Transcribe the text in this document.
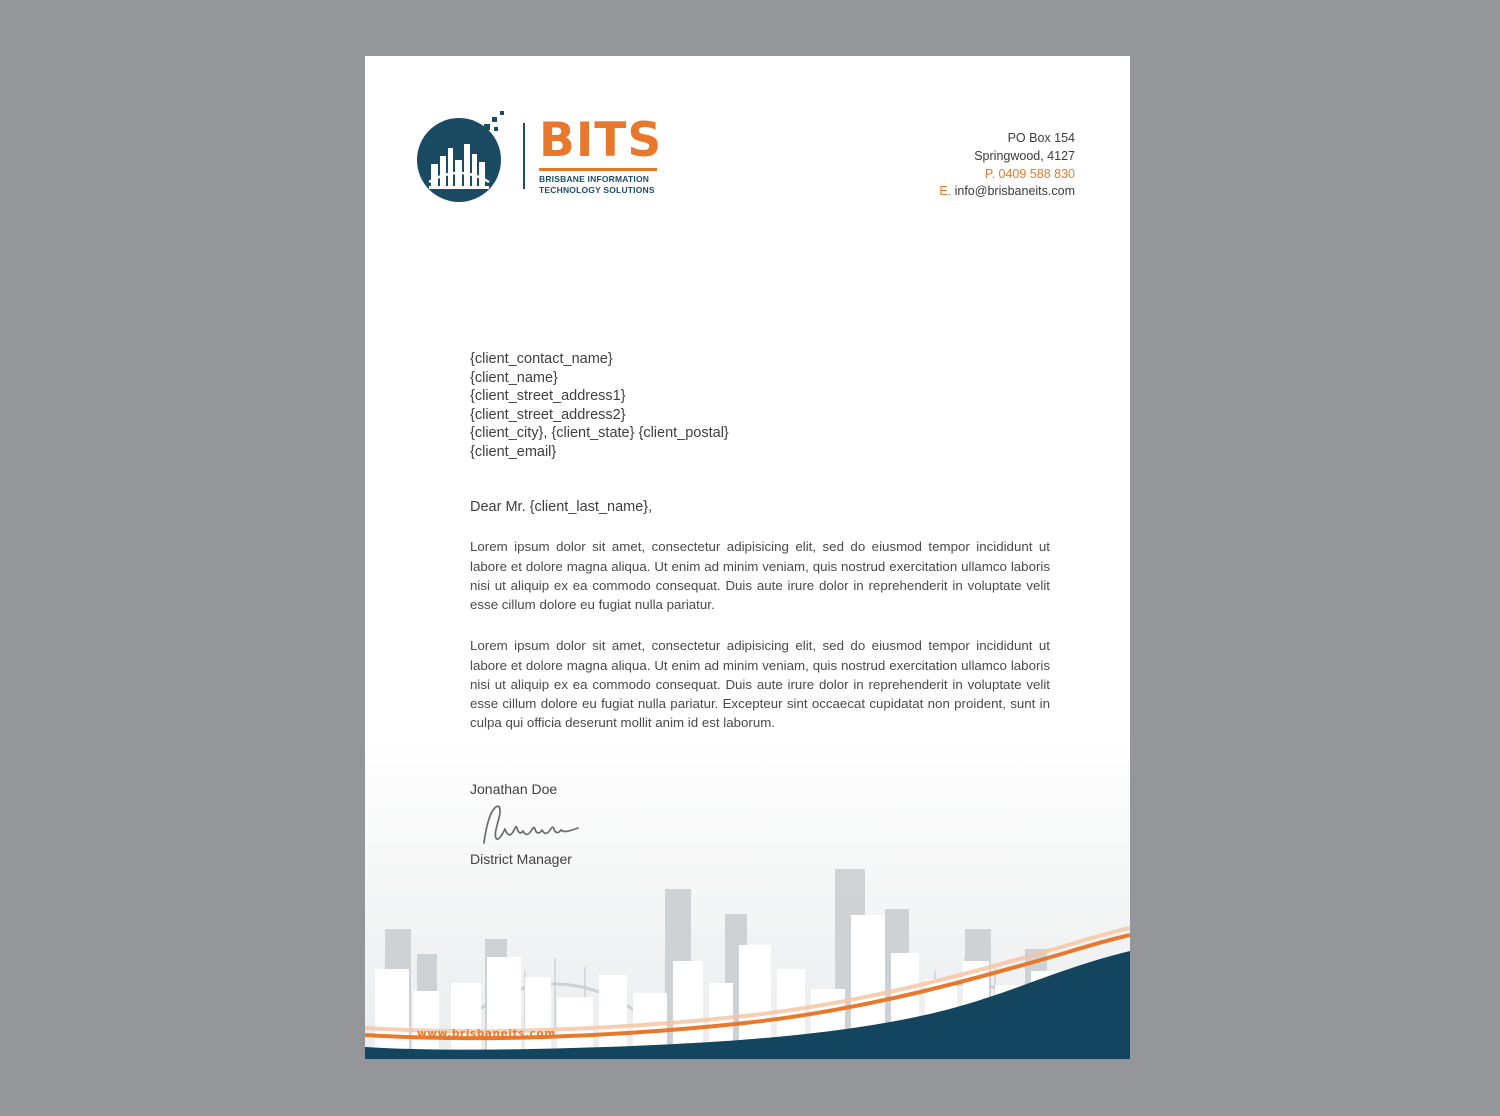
BITS
BRISBANE INFORMATION
TECHNOLOGY SOLUTIONS
PO Box 154
Springwood, 4127
P. 0409 588 830
E. info@brisbaneits.com
{client_contact_name}
{client_name}
{client_street_address1}
{client_street_address2}
{client_city}, {client_state} {client_postal}
{client_email}
Dear Mr. {client_last_name},
Lorem ipsum dolor sit amet, consectetur adipisicing elit, sed do eiusmod tempor incididunt ut labore et dolore magna aliqua. Ut enim ad minim veniam, quis nostrud exercitation ullamco laboris nisi ut aliquip ex ea commodo consequat. Duis aute irure dolor in reprehenderit in voluptate velit esse cillum dolore eu fugiat nulla pariatur.
Lorem ipsum dolor sit amet, consectetur adipisicing elit, sed do eiusmod tempor incididunt ut labore et dolore magna aliqua. Ut enim ad minim veniam, quis nostrud exercitation ullamco laboris nisi ut aliquip ex ea commodo consequat. Duis aute irure dolor in reprehenderit in voluptate velit esse cillum dolore eu fugiat nulla pariatur. Excepteur sint occaecat cupidatat non proident, sunt in culpa qui officia deserunt mollit anim id est laborum.
Jonathan Doe
District Manager
www.brisbaneits.com
